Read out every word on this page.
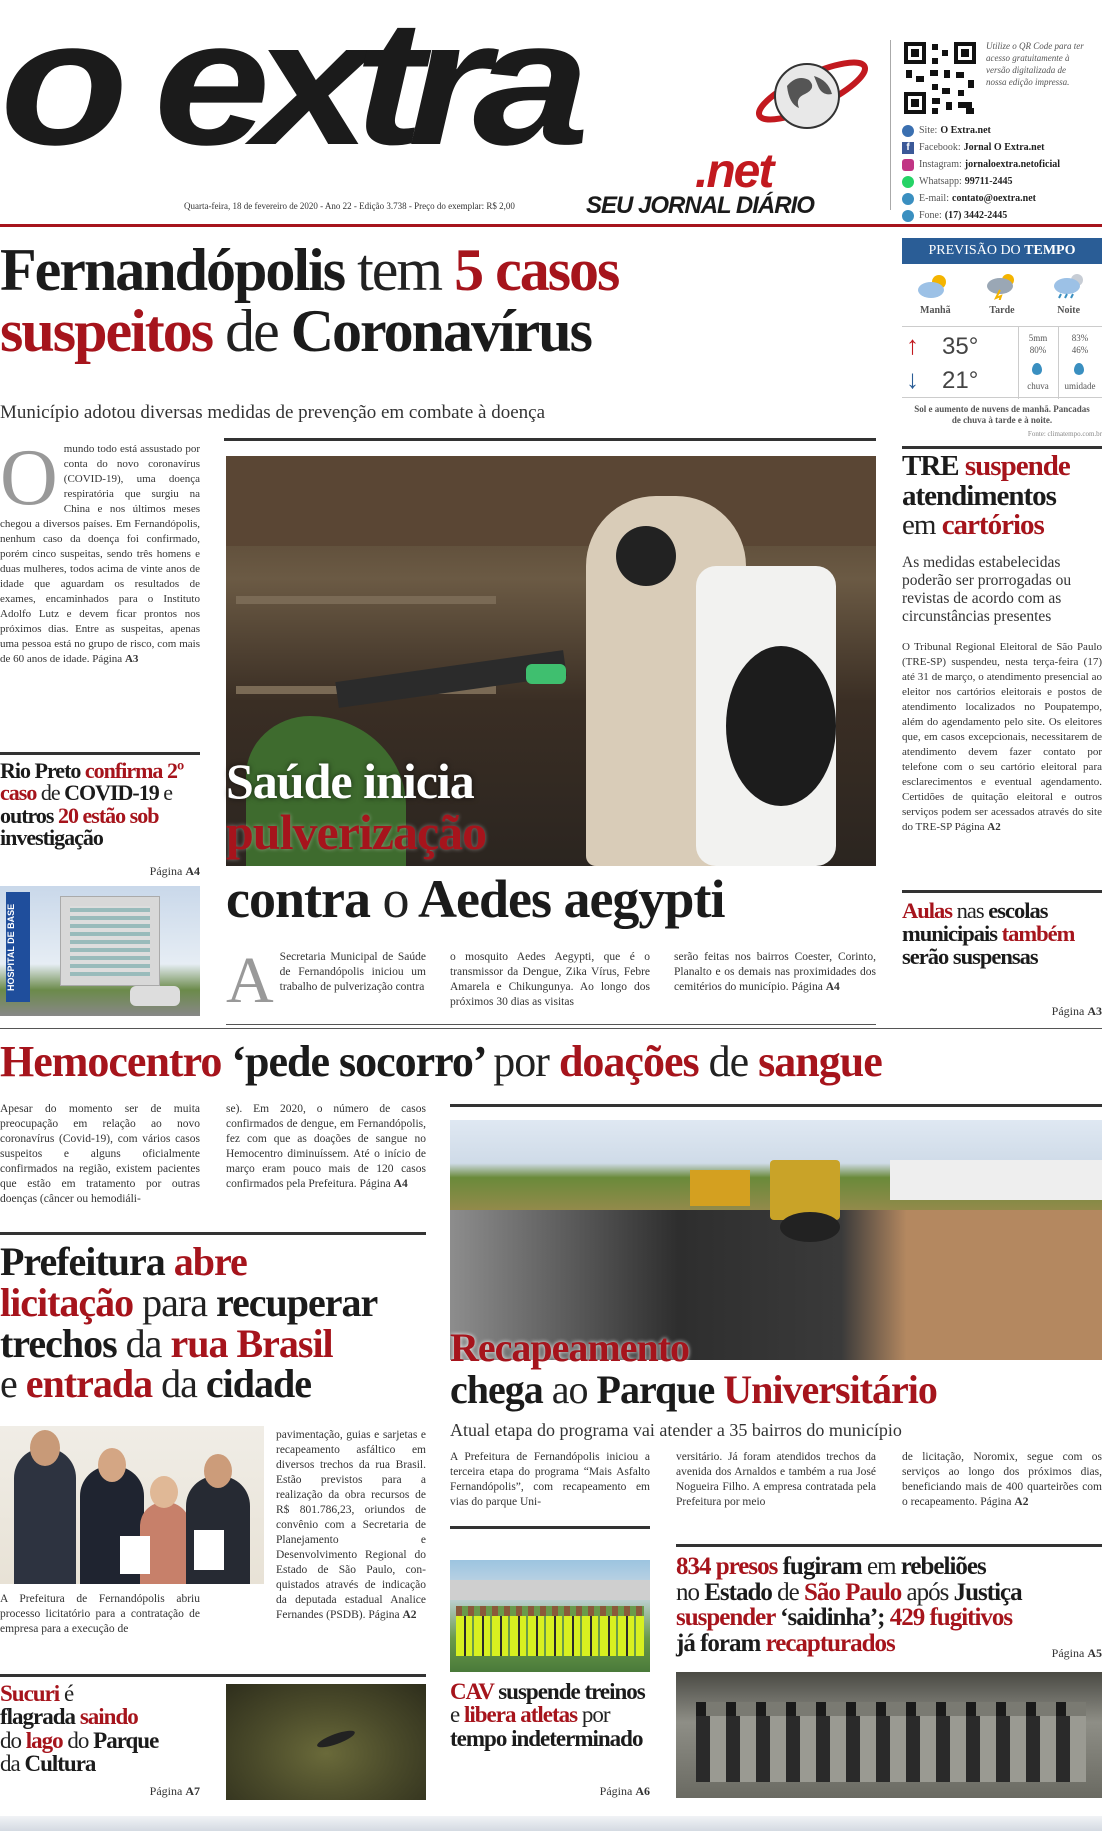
o extra	.net
SEU JORNAL DIÁRIO
Quarta-feira, 18 de fevereiro de 2020 - Ano 22 - Edição 3.738 - Preço do exemplar: R$ 2,00
Utilize o QR Code para ter acesso gratuitamente à versão digitalizada de nossa edição impressa.
Site: O Extra.net
f Facebook: Jornal O Extra.net
Instagram: jornaloextra.netoficial
Whatsapp: 99711-2445
E-mail: contato@oextra.net
Fone: (17) 3442-2445
Fernandópolis tem 5 casos
suspeitos de Coronavírus
Município adotou diversas medidas de prevenção em combate à doença
PREVISÃO DO TEMPO
Manhã	Tarde	Noite
↑ 35°
↓ 21°
5mm
80%
chuva
83%
46%
umidade
Sol e aumento de nuvens de manhã. Pancadas de chuva à tarde e à noite.
Fonte: climatempo.com.br
Omundo todo está assustado por conta do novo coronavírus (COVID-19), uma doença respiratória que surgiu na China e nos últimos meses chegou a diversos países. Em Fernandópolis, nenhum caso da doença foi confirmado, porém cinco suspeitas, sendo três homens e duas mulheres, todos acima de vinte anos de idade que aguardam os resultados de exames, encaminhados para o Instituto Adolfo Lutz e devem ficar prontos nos próximos dias. Entre as suspeitas, apenas uma pessoa está no grupo de risco, com mais de 60 anos de idade. Página A3
Saúde inicia
pulverização
contra o Aedes aegypti
A Secretaria Municipal de Saúde de Fernandópolis iniciou um trabalho de pulverização contra
o mosquito Aedes Aegypti, que é o transmissor da Dengue, Zika Vírus, Febre Amarela e Chikungunya. Ao longo dos próximos 30 dias as visitas
serão feitas nos bairros Coester, Corinto, Planalto e os demais nas proximidades dos cemitérios do município. Página A4
Rio Preto confirma 2º caso de COVID-19 e outros 20 estão sob investigação
Página A4
HOSPITAL DE BASE
TRE suspende
atendimentos
em cartórios
As medidas estabelecidas poderão ser prorrogadas ou revistas de acordo com as circunstâncias presentes
O Tribunal Regional Eleitoral de São Paulo (TRE-SP) suspendeu, nesta terça-feira (17) até 31 de março, o atendimento presencial ao eleitor nos cartórios eleitorais e postos de atendimento localizados no Poupatempo, além do agendamento pelo site. Os eleitores que, em casos excepcionais, necessitarem de atendimento devem fazer contato por telefone com o seu cartório eleitoral para esclarecimentos e eventual agendamento. Certidões de quitação eleitoral e outros serviços podem ser acessados através do site do TRE-SP Página A2
Aulas nas escolas municipais também serão suspensas
Página A3
Hemocentro ‘pede socorro’ por doações de sangue
Apesar do momento ser de muita preocupação em relação ao novo coronavírus (Covid-19), com vários casos suspeitos e alguns oficialmente confirmados na região, existem pacientes que estão em tratamento por outras doenças (câncer ou hemodiáli-
se). Em 2020, o número de casos confirmados de dengue, em Fernandópolis, fez com que as doações de sangue no Hemocentro diminuíssem. Até o início de março eram pouco mais de 120 casos confirmados pela Prefeitura. Página A4
Recapeamento
chega ao Parque Universitário
Atual etapa do programa vai atender a 35 bairros do município
A Prefeitura de Fernandópolis iniciou a terceira etapa do programa “Mais Asfalto Fernandópolis”, com recapeamento em vias do parque Uni-
versitário. Já foram atendidos trechos da avenida dos Arnaldos e também a rua José Nogueira Filho. A empresa contratada pela Prefeitura por meio
de licitação, Noromix, segue com os serviços ao longo dos próximos dias, beneficiando mais de 400 quarteirões com o recapeamento. Página A2
Prefeitura abre
licitação para recuperar
trechos da rua Brasil
e entrada da cidade
A Prefeitura de Fernandópolis abriu processo licitatório para a contratação de empresa para a execução de
pavimentação, guias e sarjetas e recapeamento asfáltico em diversos trechos da rua Brasil. Estão previstos para a realização da obra recursos de R$ 801.786,23, oriundos de convênio com a Secretaria de Planejamento e Desenvolvimento Regional do Estado de São Paulo, con- quistados através de indicação da deputada estadual Analice Fernandes (PSDB). Página A2
CAV suspende treinos e libera atletas por tempo indeterminado
Página A6
834 presos fugiram em rebeliões
no Estado de São Paulo após Justiça
suspender ‘saidinha’; 429 fugitivos
já foram recapturados	Página A5
Sucuri é
flagrada saindo
do lago do Parque
da Cultura
Página A7
